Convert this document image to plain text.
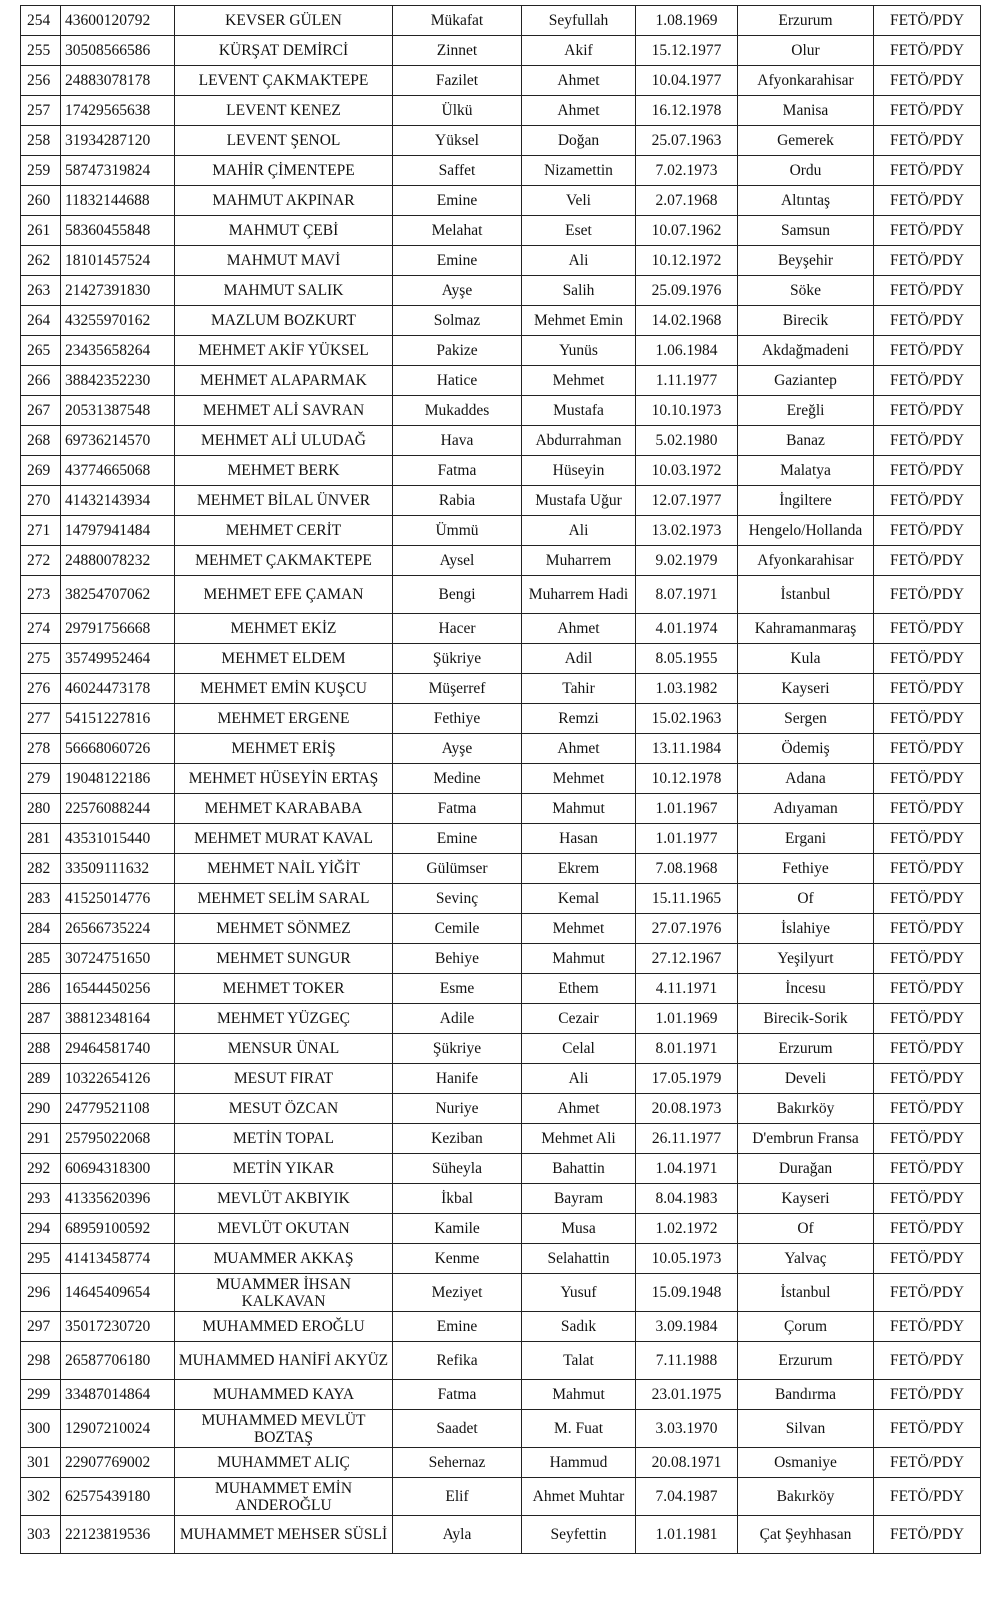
254	43600120792	KEVSER GÜLEN	Mükafat	Seyfullah	1.08.1969	Erzurum	FETÖ/PDY
255	30508566586	KÜRŞAT DEMİRCİ	Zinnet	Akif	15.12.1977	Olur	FETÖ/PDY
256	24883078178	LEVENT ÇAKMAKTEPE	Fazilet	Ahmet	10.04.1977	Afyonkarahisar	FETÖ/PDY
257	17429565638	LEVENT KENEZ	Ülkü	Ahmet	16.12.1978	Manisa	FETÖ/PDY
258	31934287120	LEVENT ŞENOL	Yüksel	Doğan	25.07.1963	Gemerek	FETÖ/PDY
259	58747319824	MAHİR ÇİMENTEPE	Saffet	Nizamettin	7.02.1973	Ordu	FETÖ/PDY
260	11832144688	MAHMUT AKPINAR	Emine	Veli	2.07.1968	Altıntaş	FETÖ/PDY
261	58360455848	MAHMUT ÇEBİ	Melahat	Eset	10.07.1962	Samsun	FETÖ/PDY
262	18101457524	MAHMUT MAVİ	Emine	Ali	10.12.1972	Beyşehir	FETÖ/PDY
263	21427391830	MAHMUT SALIK	Ayşe	Salih	25.09.1976	Söke	FETÖ/PDY
264	43255970162	MAZLUM BOZKURT	Solmaz	Mehmet Emin	14.02.1968	Birecik	FETÖ/PDY
265	23435658264	MEHMET AKİF YÜKSEL	Pakize	Yunüs	1.06.1984	Akdağmadeni	FETÖ/PDY
266	38842352230	MEHMET ALAPARMAK	Hatice	Mehmet	1.11.1977	Gaziantep	FETÖ/PDY
267	20531387548	MEHMET ALİ SAVRAN	Mukaddes	Mustafa	10.10.1973	Ereğli	FETÖ/PDY
268	69736214570	MEHMET ALİ ULUDAĞ	Hava	Abdurrahman	5.02.1980	Banaz	FETÖ/PDY
269	43774665068	MEHMET BERK	Fatma	Hüseyin	10.03.1972	Malatya	FETÖ/PDY
270	41432143934	MEHMET BİLAL ÜNVER	Rabia	Mustafa Uğur	12.07.1977	İngiltere	FETÖ/PDY
271	14797941484	MEHMET CERİT	Ümmü	Ali	13.02.1973	Hengelo/Hollanda	FETÖ/PDY
272	24880078232	MEHMET ÇAKMAKTEPE	Aysel	Muharrem	9.02.1979	Afyonkarahisar	FETÖ/PDY
273	38254707062	MEHMET EFE ÇAMAN	Bengi	Muharrem Hadi	8.07.1971	İstanbul	FETÖ/PDY
274	29791756668	MEHMET EKİZ	Hacer	Ahmet	4.01.1974	Kahramanmaraş	FETÖ/PDY
275	35749952464	MEHMET ELDEM	Şükriye	Adil	8.05.1955	Kula	FETÖ/PDY
276	46024473178	MEHMET EMİN KUŞCU	Müşerref	Tahir	1.03.1982	Kayseri	FETÖ/PDY
277	54151227816	MEHMET ERGENE	Fethiye	Remzi	15.02.1963	Sergen	FETÖ/PDY
278	56668060726	MEHMET ERİŞ	Ayşe	Ahmet	13.11.1984	Ödemiş	FETÖ/PDY
279	19048122186	MEHMET HÜSEYİN ERTAŞ	Medine	Mehmet	10.12.1978	Adana	FETÖ/PDY
280	22576088244	MEHMET KARABABA	Fatma	Mahmut	1.01.1967	Adıyaman	FETÖ/PDY
281	43531015440	MEHMET MURAT KAVAL	Emine	Hasan	1.01.1977	Ergani	FETÖ/PDY
282	33509111632	MEHMET NAİL YİĞİT	Gülümser	Ekrem	7.08.1968	Fethiye	FETÖ/PDY
283	41525014776	MEHMET SELİM SARAL	Sevinç	Kemal	15.11.1965	Of	FETÖ/PDY
284	26566735224	MEHMET SÖNMEZ	Cemile	Mehmet	27.07.1976	İslahiye	FETÖ/PDY
285	30724751650	MEHMET SUNGUR	Behiye	Mahmut	27.12.1967	Yeşilyurt	FETÖ/PDY
286	16544450256	MEHMET TOKER	Esme	Ethem	4.11.1971	İncesu	FETÖ/PDY
287	38812348164	MEHMET YÜZGEÇ	Adile	Cezair	1.01.1969	Birecik-Sorik	FETÖ/PDY
288	29464581740	MENSUR ÜNAL	Şükriye	Celal	8.01.1971	Erzurum	FETÖ/PDY
289	10322654126	MESUT FIRAT	Hanife	Ali	17.05.1979	Develi	FETÖ/PDY
290	24779521108	MESUT ÖZCAN	Nuriye	Ahmet	20.08.1973	Bakırköy	FETÖ/PDY
291	25795022068	METİN TOPAL	Keziban	Mehmet Ali	26.11.1977	D'embrun Fransa	FETÖ/PDY
292	60694318300	METİN YIKAR	Süheyla	Bahattin	1.04.1971	Durağan	FETÖ/PDY
293	41335620396	MEVLÜT AKBIYIK	İkbal	Bayram	8.04.1983	Kayseri	FETÖ/PDY
294	68959100592	MEVLÜT OKUTAN	Kamile	Musa	1.02.1972	Of	FETÖ/PDY
295	41413458774	MUAMMER AKKAŞ	Kenme	Selahattin	10.05.1973	Yalvaç	FETÖ/PDY
296	14645409654	MUAMMER İHSAN KALKAVAN	Meziyet	Yusuf	15.09.1948	İstanbul	FETÖ/PDY
297	35017230720	MUHAMMED EROĞLU	Emine	Sadık	3.09.1984	Çorum	FETÖ/PDY
298	26587706180	MUHAMMED HANİFİ AKYÜZ	Refika	Talat	7.11.1988	Erzurum	FETÖ/PDY
299	33487014864	MUHAMMED KAYA	Fatma	Mahmut	23.01.1975	Bandırma	FETÖ/PDY
300	12907210024	MUHAMMED MEVLÜT BOZTAŞ	Saadet	M. Fuat	3.03.1970	Silvan	FETÖ/PDY
301	22907769002	MUHAMMET ALIÇ	Sehernaz	Hammud	20.08.1971	Osmaniye	FETÖ/PDY
302	62575439180	MUHAMMET EMİN ANDEROĞLU	Elif	Ahmet Muhtar	7.04.1987	Bakırköy	FETÖ/PDY
303	22123819536	MUHAMMET MEHSER SÜSLİ	Ayla	Seyfettin	1.01.1981	Çat Şeyhhasan	FETÖ/PDY
